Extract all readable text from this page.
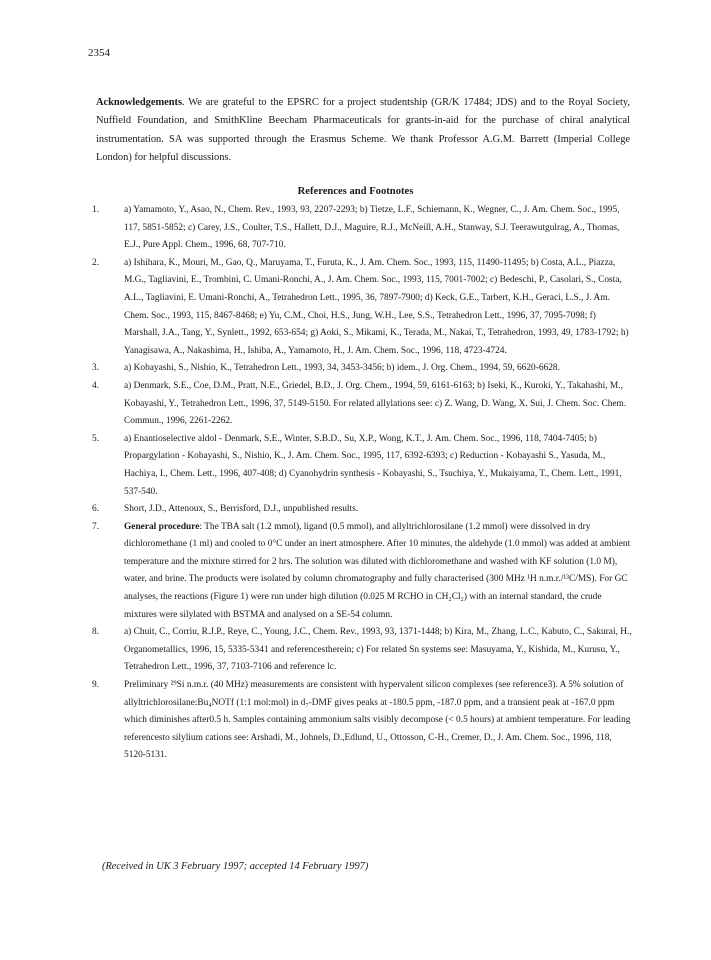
2354
Acknowledgements. We are grateful to the EPSRC for a project studentship (GR/K 17484; JDS) and to the Royal Society, Nuffield Foundation, and SmithKline Beecham Pharmaceuticals for grants-in-aid for the purchase of chiral analytical instrumentation. SA was supported through the Erasmus Scheme. We thank Professor A.G.M. Barrett (Imperial College London) for helpful discussions.
References and Footnotes
1.	a) Yamamoto, Y., Asao, N., Chem. Rev., 1993, 93, 2207-2293; b) Tietze, L.F., Schiemann, K., Wegner, C., J. Am. Chem. Soc., 1995, 117, 5851-5852; c) Carey, J.S., Coulter, T.S., Hallett, D.J., Maguire, R.J., McNeill, A.H., Stanway, S.J. Teerawutgulrag, A., Thomas, E.J., Pure Appl. Chem., 1996, 68, 707-710.
2.	a) Ishihara, K., Mouri, M., Gao, Q., Maruyama, T., Furuta, K., J. Am. Chem. Soc., 1993, 115, 11490-11495; b) Costa, A.L., Piazza, M.G., Tagliavini, E., Trombini, C. Umani-Ronchi, A., J. Am. Chem. Soc., 1993, 115, 7001-7002; c) Bedeschi, P., Casolari, S., Costa, A.L., Tagliavini, E. Umani-Ronchi, A., Tetrahedron Lett., 1995, 36, 7897-7900; d) Keck, G.E., Tarbert, K.H., Geraci, L.S., J. Am. Chem. Soc., 1993, 115, 8467-8468; e) Yu, C.M., Choi, H.S., Jung, W.H., Lee, S.S., Tetrahedron Lett., 1996, 37, 7095-7098; f) Marshall, J.A., Tang, Y., Synlett., 1992, 653-654; g) Aoki, S., Mikami, K., Terada, M., Nakai, T., Tetrahedron, 1993, 49, 1783-1792; h) Yanagisawa, A., Nakashima, H., Ishiba, A., Yamamoto, H., J. Am. Chem. Soc., 1996, 118, 4723-4724.
3.	a) Kobayashi, S., Nishio, K., Tetrahedron Lett., 1993, 34, 3453-3456; b) idem., J. Org. Chem., 1994, 59, 6620-6628.
4.	a) Denmark, S.E., Coe, D.M., Pratt, N.E., Griedel, B.D., J. Org. Chem., 1994, 59, 6161-6163; b) Iseki, K., Kuroki, Y., Takahashi, M., Kobayashi, Y., Tetrahedron Lett., 1996, 37, 5149-5150. For related allylations see: c) Z. Wang, D. Wang, X. Sui, J. Chem. Soc. Chem. Commun., 1996, 2261-2262.
5.	a) Enantioselective aldol - Denmark, S.E., Winter, S.B.D., Su, X.P., Wong, K.T., J. Am. Chem. Soc., 1996, 118, 7404-7405; b) Propargylation - Kobayashi, S., Nishio, K., J. Am. Chem. Soc., 1995, 117, 6392-6393; c) Reduction - Kobayashi S., Yasuda, M., Hachiya, I., Chem. Lett., 1996, 407-408; d) Cyanohydrin synthesis - Kobayashi, S., Tsuchiya, Y., Mukaiyama, T., Chem. Lett., 1991, 537-540.
6.	Short, J.D., Attenoux, S., Berrisford, D.J., unpublished results.
7.	General procedure: The TBA salt (1.2 mmol), ligand (0.5 mmol), and allyltrichlorosilane (1.2 mmol) were dissolved in dry dichloromethane (1 ml) and cooled to 0°C under an inert atmosphere. After 10 minutes, the aldehyde (1.0 mmol) was added at ambient temperature and the mixture stirred for 2 hrs. The solution was diluted with dichloromethane and washed with KF solution (1.0 M), water, and brine. The products were isolated by column chromatography and fully characterised (300 MHz ¹H n.m.r./¹³C/MS). For GC analyses, the reactions (Figure 1) were run under high dilution (0.025 M RCHO in CH₂Cl₂) with an internal standard, the crude mixtures were silylated with BSTMA and analysed on a SE-54 column.
8.	a) Chuit, C., Corriu, R.J.P., Reye, C., Young, J.C., Chem. Rev., 1993, 93, 1371-1448; b) Kira, M., Zhang, L.C., Kabuto, C., Sakurai, H., Organometallics, 1996, 15, 5335-5341 and referencestherein; c) For related Sn systems see: Masuyama, Y., Kishida, M., Kurusu, Y., Tetrahedron Lett., 1996, 37, 7103-7106 and reference lc.
9.	Preliminary ²⁹Si n.m.r. (40 MHz) measurements are consistent with hypervalent silicon complexes (see reference3). A 5% solution of allyltrichlorosilane:Bu₄NOTf (1:1 mol:mol) in d₇-DMF gives peaks at -180.5 ppm, -187.0 ppm, and a transient peak at -167.0 ppm which diminishes after0.5 h. Samples containing ammonium salts visibly decompose (< 0.5 hours) at ambient temperature. For leading referencesto silylium cations see: Arshadi, M., Johnels, D.,Edlund, U., Ottosson, C-H., Cremer, D., J. Am. Chem. Soc., 1996, 118, 5120-5131.
(Received in UK 3 February 1997; accepted 14 February 1997)
